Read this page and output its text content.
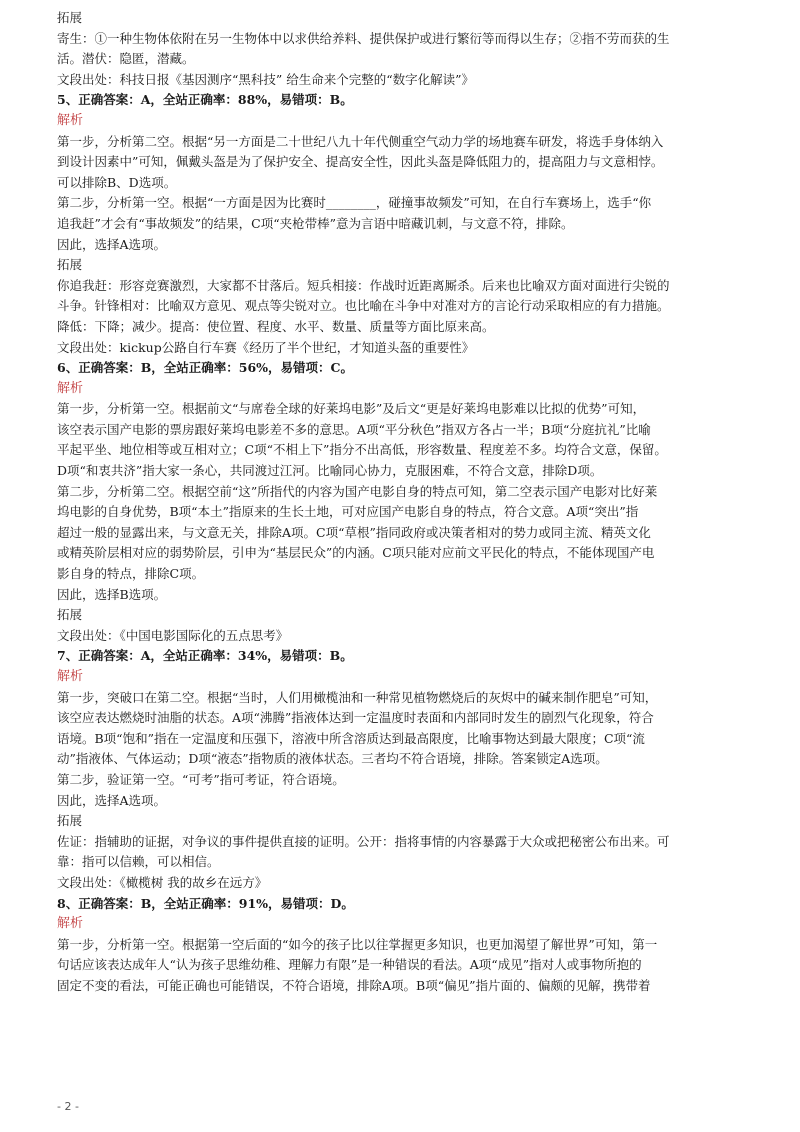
拓展
寄生：①一种生物体依附在另一生物体中以求供给养料、提供保护或进行繁衍等而得以生存；②指不劳而获的生
活。潜伏：隐匿，潜藏。
文段出处：科技日报《基因测序“黑科技” 给生命来个完整的“数字化解读”》
5、正确答案：A，全站正确率：88%，易错项：B。
解析
第一步，分析第二空。根据“另一方面是二十世纪八九十年代侧重空气动力学的场地赛车研发，将选手身体纳入
到设计因素中”可知，佩戴头盔是为了保护安全、提高安全性，因此头盔是降低阻力的，提高阻力与文意相悖。
可以排除B、D选项。
第二步，分析第一空。根据“一方面是因为比赛时________，碰撞事故频发”可知，在自行车赛场上，选手“你
追我赶”才会有“事故频发”的结果，C项“夹枪带棒”意为言语中暗藏讥刺，与文意不符，排除。
因此，选择A选项。
拓展
你追我赶：形容竞赛激烈，大家都不甘落后。短兵相接：作战时近距离厮杀。后来也比喻双方面对面进行尖锐的
斗争。针锋相对：比喻双方意见、观点等尖锐对立。也比喻在斗争中对准对方的言论行动采取相应的有力措施。
降低：下降；减少。提高：使位置、程度、水平、数量、质量等方面比原来高。
文段出处：kickup公路自行车赛《经历了半个世纪，才知道头盔的重要性》
6、正确答案：B，全站正确率：56%，易错项：C。
解析
第一步，分析第一空。根据前文“与席卷全球的好莱坞电影”及后文“更是好莱坞电影难以比拟的优势”可知，
该空表示国产电影的票房跟好莱坞电影差不多的意思。A项“平分秋色”指双方各占一半；B项“分庭抗礼”比喻
平起平坐、地位相等或互相对立；C项“不相上下”指分不出高低，形容数量、程度差不多。均符合文意，保留。
D项“和衷共济”指大家一条心，共同渡过江河。比喻同心协力，克服困难，不符合文意，排除D项。
第二步，分析第二空。根据空前“这”所指代的内容为国产电影自身的特点可知，第二空表示国产电影对比好莱
坞电影的自身优势，B项“本土”指原来的生长土地，可对应国产电影自身的特点，符合文意。A项“突出”指
超过一般的显露出来，与文意无关，排除A项。C项“草根”指同政府或决策者相对的势力或同主流、精英文化
或精英阶层相对应的弱势阶层，引申为“基层民众”的内涵。C项只能对应前文平民化的特点，不能体现国产电
影自身的特点，排除C项。
因此，选择B选项。
拓展
文段出处：《中国电影国际化的五点思考》
7、正确答案：A，全站正确率：34%，易错项：B。
解析
第一步，突破口在第二空。根据“当时，人们用橄榄油和一种常见植物燃烧后的灰烬中的碱来制作肥皂”可知，
该空应表达燃烧时油脂的状态。A项“沸腾”指液体达到一定温度时表面和内部同时发生的剧烈气化现象，符合
语境。B项“饱和”指在一定温度和压强下，溶液中所含溶质达到最高限度，比喻事物达到最大限度；C项“流
动”指液体、气体运动；D项“液态”指物质的液体状态。三者均不符合语境，排除。答案锁定A选项。
第二步，验证第一空。“可考”指可考证，符合语境。
因此，选择A选项。
拓展
佐证：指辅助的证据，对争议的事件提供直接的证明。公开：指将事情的内容暴露于大众或把秘密公布出来。可
靠：指可以信赖，可以相信。
文段出处：《橄榄树 我的故乡在远方》
8、正确答案：B，全站正确率：91%，易错项：D。
解析
第一步，分析第一空。根据第一空后面的“如今的孩子比以往掌握更多知识，也更加渴望了解世界”可知，第一
句话应该表达成年人“认为孩子思维幼稚、理解力有限”是一种错误的看法。A项“成见”指对人或事物所抱的
固定不变的看法，可能正确也可能错误，不符合语境，排除A项。B项“偏见”指片面的、偏颇的见解，携带着
- 2 -
